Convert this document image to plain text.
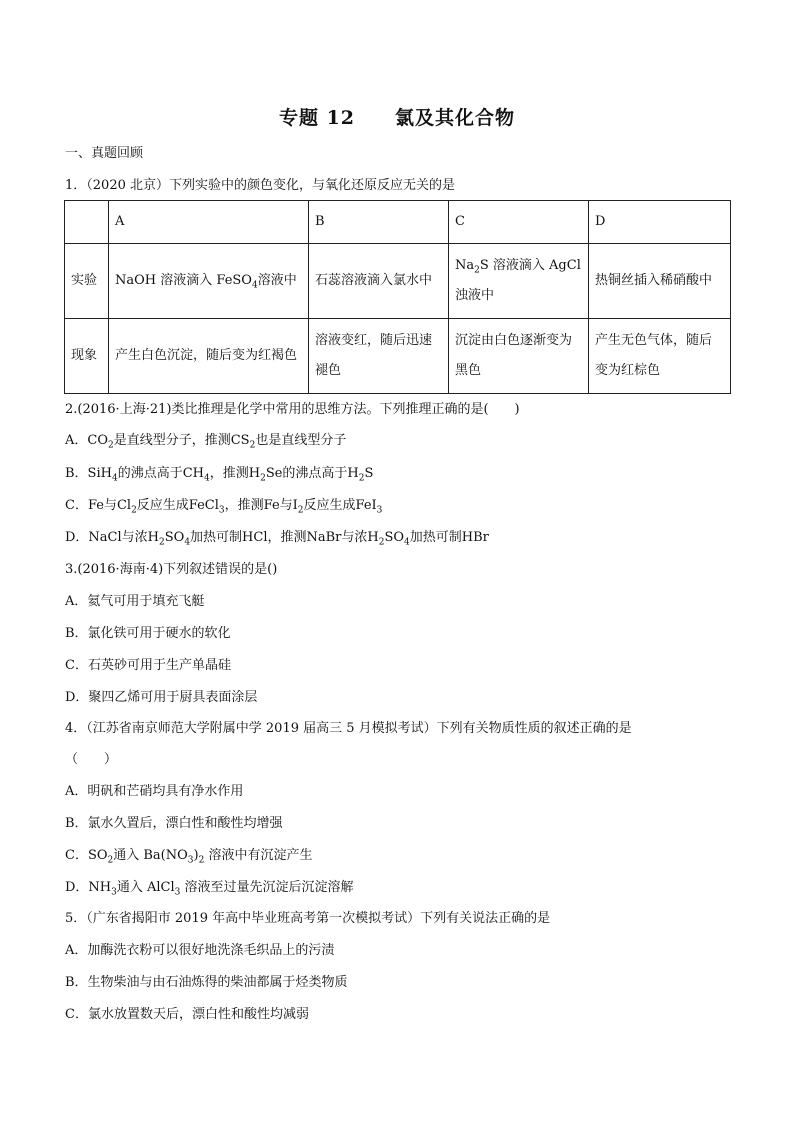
专题 12 氯及其化合物
一、真题回顾
1．（2020 北京）下列实验中的颜色变化，与氧化还原反应无关的是
	A	B	C	D
实验	NaOH 溶液滴入 FeSO$_4$溶液中	石蕊溶液滴入氯水中	$Na_2S$ 溶液滴入 AgCl 浊液中	热铜丝插入稀硝酸中
现象	产生白色沉淀，随后变为红褐色	溶液变红，随后迅速褪色	沉淀由白色逐渐变为黑色	产生无色气体，随后变为红棕色
2.(2016·上海·21)类比推理是化学中常用的思维方法。下列推理正确的是(　　)
A．$CO_2$是直线型分子，推测$CS_2$也是直线型分子
B．SiH$_4$的沸点高于$CH_4$，推测$H_2Se$的沸点高于$H_2S$
C．Fe与$Cl_2$反应生成FeCl$_3$，推测Fe与$I_2$反应生成FeI$_3$
D．NaCl与浓$H_2SO_4$加热可制HCl，推测NaBr与浓$H_2SO_4$加热可制HBr
3.(2016·海南·4)下列叙述错误的是()
A．氦气可用于填充飞艇
B．氯化铁可用于硬水的软化
C．石英砂可用于生产单晶硅
D．聚四乙烯可用于厨具表面涂层
4．（江苏省南京师范大学附属中学 2019 届高三 5 月模拟考试）下列有关物质性质的叙述正确的是
（　　）
A．明矾和芒硝均具有净水作用
B．氯水久置后，漂白性和酸性均增强
C．$SO_2$通入 $Ba(NO_3)_2$ 溶液中有沉淀产生
D．$NH_3$通入 AlCl$_3$ 溶液至过量先沉淀后沉淀溶解
5．（广东省揭阳市 2019 年高中毕业班高考第一次模拟考试）下列有关说法正确的是
A．加酶洗衣粉可以很好地洗涤毛织品上的污渍
B．生物柴油与由石油炼得的柴油都属于烃类物质
C．氯水放置数天后，漂白性和酸性均减弱
